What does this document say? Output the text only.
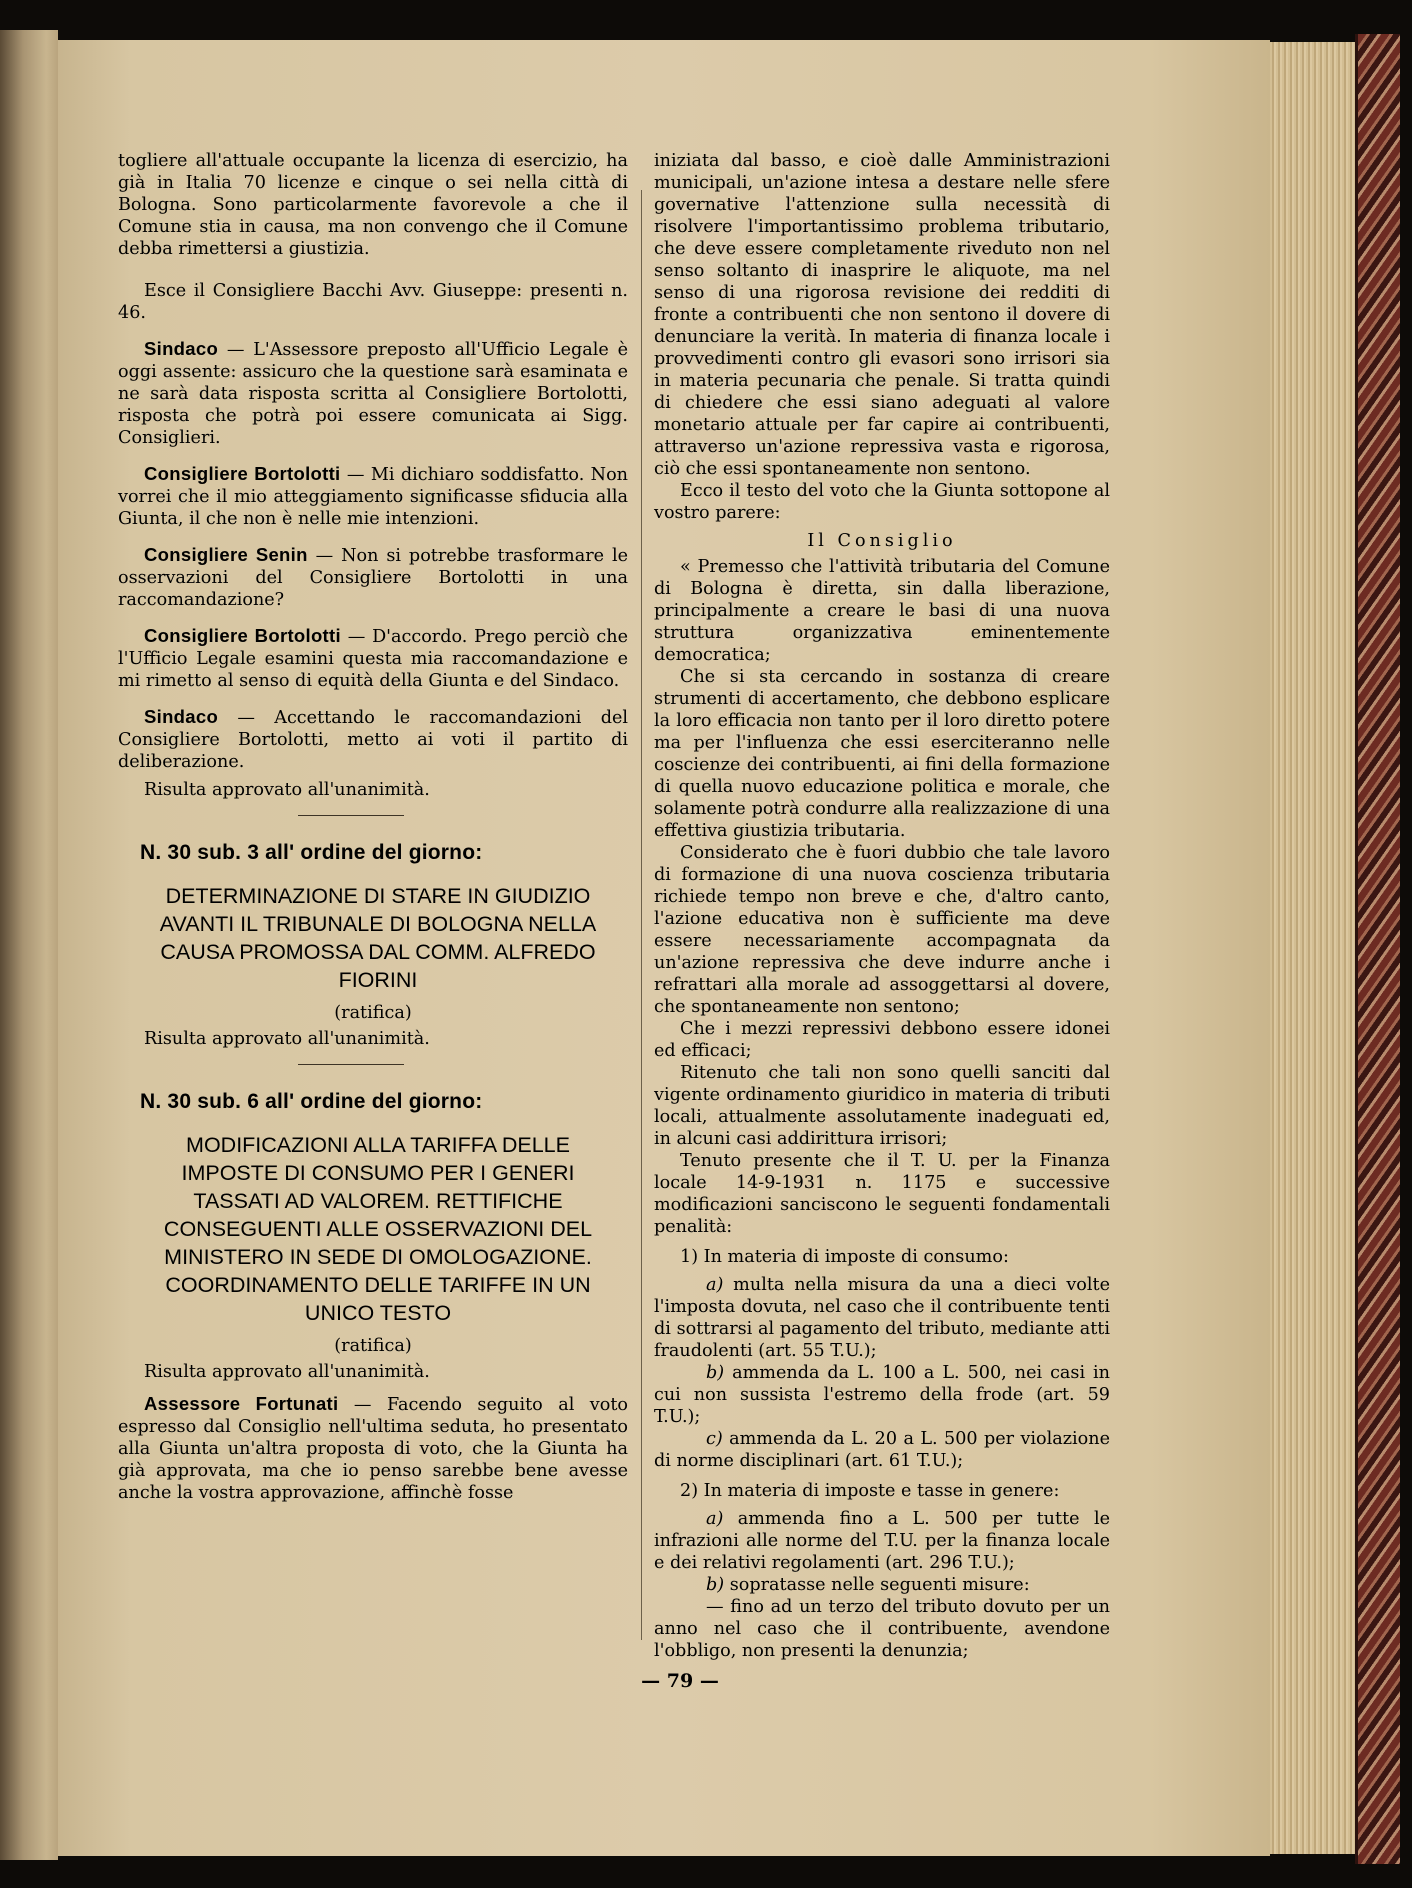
togliere all'attuale occupante la licenza di esercizio, ha già in Italia 70 licenze e cinque o sei nella città di Bologna. Sono particolarmente favorevole a che il Comune stia in causa, ma non convengo che il Comune debba rimettersi a giustizia.

Esce il Consigliere Bacchi Avv. Giuseppe: presenti n. 46.

Sindaco — L'Assessore preposto all'Ufficio Legale è oggi assente: assicuro che la questione sarà esaminata e ne sarà data risposta scritta al Consigliere Bortolotti, risposta che potrà poi essere comunicata ai Sigg. Consiglieri.

Consigliere Bortolotti — Mi dichiaro soddisfatto. Non vorrei che il mio atteggiamento significasse sfiducia alla Giunta, il che non è nelle mie intenzioni.

Consigliere Senin — Non si potrebbe trasformare le osservazioni del Consigliere Bortolotti in una raccomandazione?

Consigliere Bortolotti — D'accordo. Prego perciò che l'Ufficio Legale esamini questa mia raccomandazione e mi rimetto al senso di equità della Giunta e del Sindaco.

Sindaco — Accettando le raccomandazioni del Consigliere Bortolotti, metto ai voti il partito di deliberazione.

Risulta approvato all'unanimità.

N. 30 sub. 3 all' ordine del giorno:
DETERMINAZIONE DI STARE IN GIUDIZIO AVANTI IL TRIBUNALE DI BOLOGNA NELLA CAUSA PROMOSSA DAL COMM. ALFREDO FIORINI
(ratifica)

Risulta approvato all'unanimità.

N. 30 sub. 6 all' ordine del giorno:
MODIFICAZIONI ALLA TARIFFA DELLE IMPOSTE DI CONSUMO PER I GENERI TASSATI AD VALOREM. RETTIFICHE CONSEGUENTI ALLE OSSERVAZIONI DEL MINISTERO IN SEDE DI OMOLOGAZIONE. COORDINAMENTO DELLE TARIFFE IN UN UNICO TESTO
(ratifica)

Risulta approvato all'unanimità.

Assessore Fortunati — Facendo seguito al voto espresso dal Consiglio nell'ultima seduta, ho presentato alla Giunta un'altra proposta di voto, che la Giunta ha già approvata, ma che io penso sarebbe bene avesse anche la vostra approvazione, affinchè fosse

iniziata dal basso, e cioè dalle Amministrazioni municipali, un'azione intesa a destare nelle sfere governative l'attenzione sulla necessità di risolvere l'importantissimo problema tributario, che deve essere completamente riveduto non nel senso soltanto di inasprire le aliquote, ma nel senso di una rigorosa revisione dei redditi di fronte a contribuenti che non sentono il dovere di denunciare la verità. In materia di finanza locale i provvedimenti contro gli evasori sono irrisori sia in materia pecunaria che penale. Si tratta quindi di chiedere che essi siano adeguati al valore monetario attuale per far capire ai contribuenti, attraverso un'azione repressiva vasta e rigorosa, ciò che essi spontaneamente non sentono.

Ecco il testo del voto che la Giunta sottopone al vostro parere:

Il Consiglio

« Premesso che l'attività tributaria del Comune di Bologna è diretta, sin dalla liberazione, principalmente a creare le basi di una nuova struttura organizzativa eminentemente democratica;

Che si sta cercando in sostanza di creare strumenti di accertamento, che debbono esplicare la loro efficacia non tanto per il loro diretto potere ma per l'influenza che essi eserciteranno nelle coscienze dei contribuenti, ai fini della formazione di quella nuovo educazione politica e morale, che solamente potrà condurre alla realizzazione di una effettiva giustizia tributaria.

Considerato che è fuori dubbio che tale lavoro di formazione di una nuova coscienza tributaria richiede tempo non breve e che, d'altro canto, l'azione educativa non è sufficiente ma deve essere necessariamente accompagnata da un'azione repressiva che deve indurre anche i refrattari alla morale ad assoggettarsi al dovere, che spontaneamente non sentono;

Che i mezzi repressivi debbono essere idonei ed efficaci;

Ritenuto che tali non sono quelli sanciti dal vigente ordinamento giuridico in materia di tributi locali, attualmente assolutamente inadeguati ed, in alcuni casi addirittura irrisori;

Tenuto presente che il T. U. per la Finanza locale 14-9-1931 n. 1175 e successive modificazioni sanciscono le seguenti fondamentali penalità:

1) In materia di imposte di consumo:

a) multa nella misura da una a dieci volte l'imposta dovuta, nel caso che il contribuente tenti di sottrarsi al pagamento del tributo, mediante atti fraudolenti (art. 55 T.U.);

b) ammenda da L. 100 a L. 500, nei casi in cui non sussista l'estremo della frode (art. 59 T.U.);

c) ammenda da L. 20 a L. 500 per violazione di norme disciplinari (art. 61 T.U.);

2) In materia di imposte e tasse in genere:

a) ammenda fino a L. 500 per tutte le infrazioni alle norme del T.U. per la finanza locale e dei relativi regolamenti (art. 296 T.U.);

b) sopratasse nelle seguenti misure:

— fino ad un terzo del tributo dovuto per un anno nel caso che il contribuente, avendone l'obbligo, non presenti la denunzia;

— 79 —
